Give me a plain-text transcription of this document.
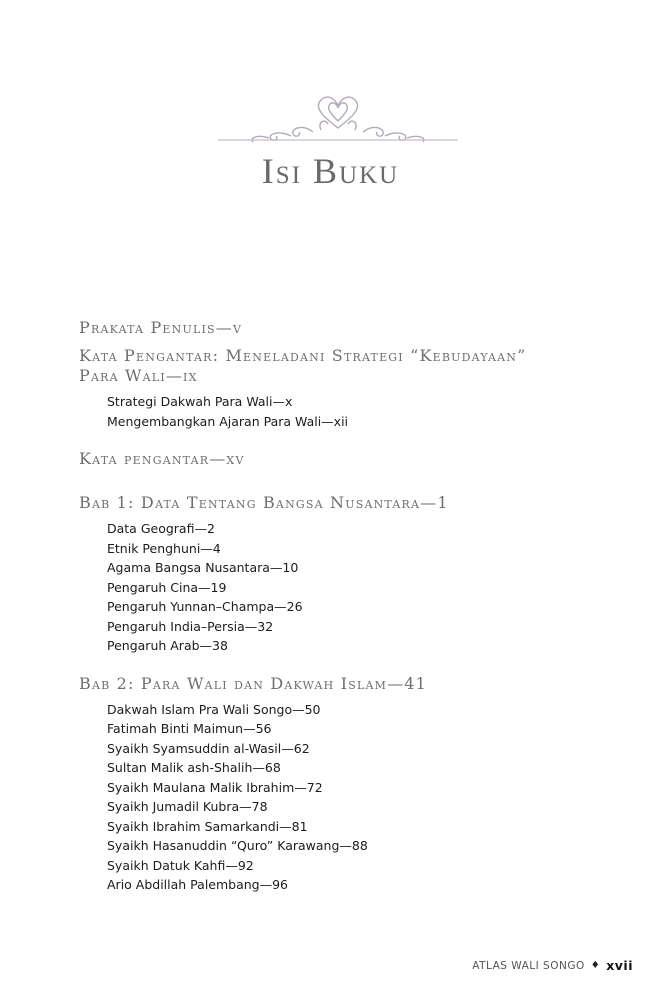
Isi Buku
Prakata Penulis—v
Kata Pengantar: Meneladani Strategi “Kebudayaan”
Para Wali—ix
Strategi Dakwah Para Wali—x
Mengembangkan Ajaran Para Wali—xii
Kata pengantar—xv
Bab 1: Data Tentang Bangsa Nusantara—1
Data Geografi—2
Etnik Penghuni—4
Agama Bangsa Nusantara—10
Pengaruh Cina—19
Pengaruh Yunnan–Champa—26
Pengaruh India–Persia—32
Pengaruh Arab—38
Bab 2: Para Wali dan Dakwah Islam—41
Dakwah Islam Pra Wali Songo—50
Fatimah Binti Maimun—56
Syaikh Syamsuddin al-Wasil—62
Sultan Malik ash-Shalih—68
Syaikh Maulana Malik Ibrahim—72
Syaikh Jumadil Kubra—78
Syaikh Ibrahim Samarkandi—81
Syaikh Hasanuddin “Quro” Karawang—88
Syaikh Datuk Kahfi—92
Ario Abdillah Palembang—96
ATLAS WALI SONGO ♦ xvii
